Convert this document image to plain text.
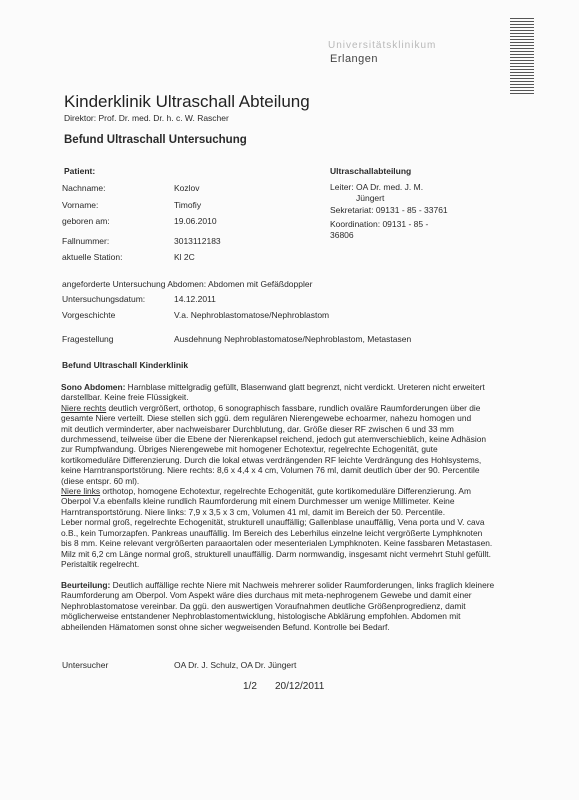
Universitätsklinikum
Erlangen
Kinderklinik Ultraschall Abteilung
Direktor: Prof. Dr. med. Dr. h. c. W. Rascher
Befund Ultraschall Untersuchung
Patient:
Nachname:	Kozlov
Vorname:	Timofiy
geboren am:	19.06.2010
Fallnummer:	3013112183
aktuelle Station:	Kl 2C
Ultraschallabteilung
Leiter: OA Dr. med. J. M.
Jüngert
Sekretariat: 09131 - 85 - 33761
Koordination: 09131 - 85 -
36806
angeforderte Untersuchung Abdomen: Abdomen mit Gefäßdoppler
Untersuchungsdatum:	14.12.2011
Vorgeschichte	V.a. Nephroblastomatose/Nephroblastom
Fragestellung	Ausdehnung Nephroblastomatose/Nephroblastom, Metastasen
Befund Ultraschall Kinderklinik

Sono Abdomen: Harnblase mittelgradig gefüllt, Blasenwand glatt begrenzt, nicht verdickt. Ureteren nicht erweitert

darstellbar. Keine freie Flüssigkeit.

Niere rechts deutlich vergrößert, orthotop, 6 sonographisch fassbare, rundlich ovaläre Raumforderungen über die

gesamte Niere verteilt. Diese stellen sich ggü. dem regulären Nierengewebe echoarmer, nahezu homogen und

mit deutlich verminderter, aber nachweisbarer Durchblutung, dar. Größe dieser RF zwischen 6 und 33 mm

durchmessend, teilweise über die Ebene der Nierenkapsel reichend, jedoch gut atemverschieblich, keine Adhäsion

zur Rumpfwandung. Übriges Nierengewebe mit homogener Echotextur, regelrechte Echogenität, gute

kortikomeduläre Differenzierung. Durch die lokal etwas verdrängenden RF leichte Verdrängung des Hohlsystems,

keine Harntransportstörung. Niere rechts: 8,6 x 4,4 x 4 cm, Volumen 76 ml, damit deutlich über der 90. Percentile

(diese entspr. 60 ml).

Niere links orthotop, homogene Echotextur, regelrechte Echogenität, gute kortikomeduläre Differenzierung. Am

Oberpol V.a ebenfalls kleine rundlich Raumforderung mit einem Durchmesser um wenige Millimeter. Keine

Harntransportstörung. Niere links: 7,9 x 3,5 x 3 cm, Volumen 41 ml, damit im Bereich der 50. Percentile.

Leber normal groß, regelrechte Echogenität, strukturell unauffällig; Gallenblase unauffällig, Vena porta und V. cava

o.B., kein Tumorzapfen. Pankreas unauffällig. Im Bereich des Leberhilus einzelne leicht vergrößerte Lymphknoten

bis 8 mm. Keine relevant vergrößerten paraaortalen oder mesenterialen Lymphknoten. Keine fassbaren Metastasen.

Milz mit 6,2 cm Länge normal groß, strukturell unauffällig. Darm normwandig, insgesamt nicht vermehrt Stuhl gefüllt.

Peristaltik regelrecht.

Beurteilung: Deutlich auffällige rechte Niere mit Nachweis mehrerer solider Raumforderungen, links fraglich kleinere

Raumforderung am Oberpol. Vom Aspekt wäre dies durchaus mit meta-nephrogenem Gewebe und damit einer

Nephroblastomatose vereinbar. Da ggü. den auswertigen Voraufnahmen deutliche Größenprogredienz, damit

möglicherweise entstandener Nephroblastomentwicklung, histologische Abklärung empfohlen. Abdomen mit

abheilenden Hämatomen sonst ohne sicher wegweisenden Befund. Kontrolle bei Bedarf.

Untersucher	OA Dr. J. Schulz, OA Dr. Jüngert
1/2 20/12/2011
